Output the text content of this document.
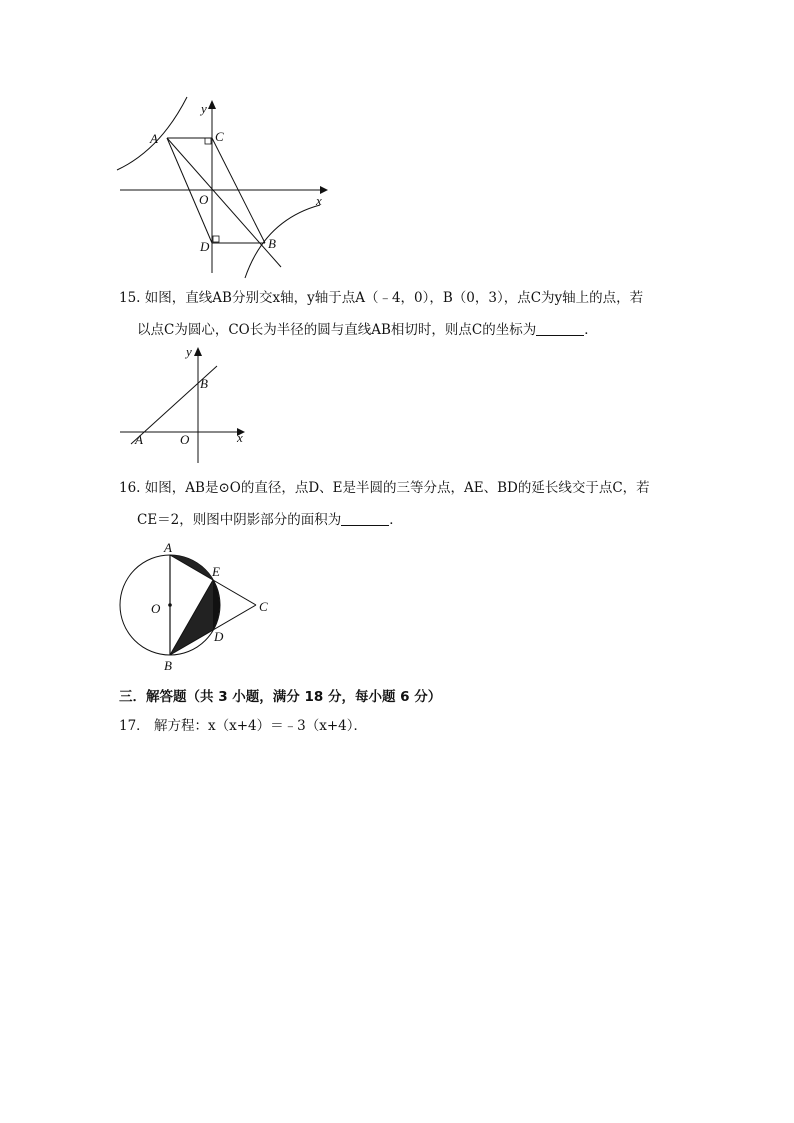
y
x
A	C
O
D	B
15. 如图，直线AB分别交x轴，y轴于点A（﹣4，0），B（0，3），点C为y轴上的点，若
以点C为圆心，CO长为半径的圆与直线AB相切时，则点C的坐标为	．
y
x
A	O
B
16. 如图，AB是⊙O的直径，点D、E是半圆的三等分点，AE、BD的延长线交于点C，若
CE＝2，则图中阴影部分的面积为	．
A
E
O	C
D
B
三．解答题（共 3 小题，满分 18 分，每小题 6 分）
17． 解方程：x（x+4）＝﹣3（x+4）．
